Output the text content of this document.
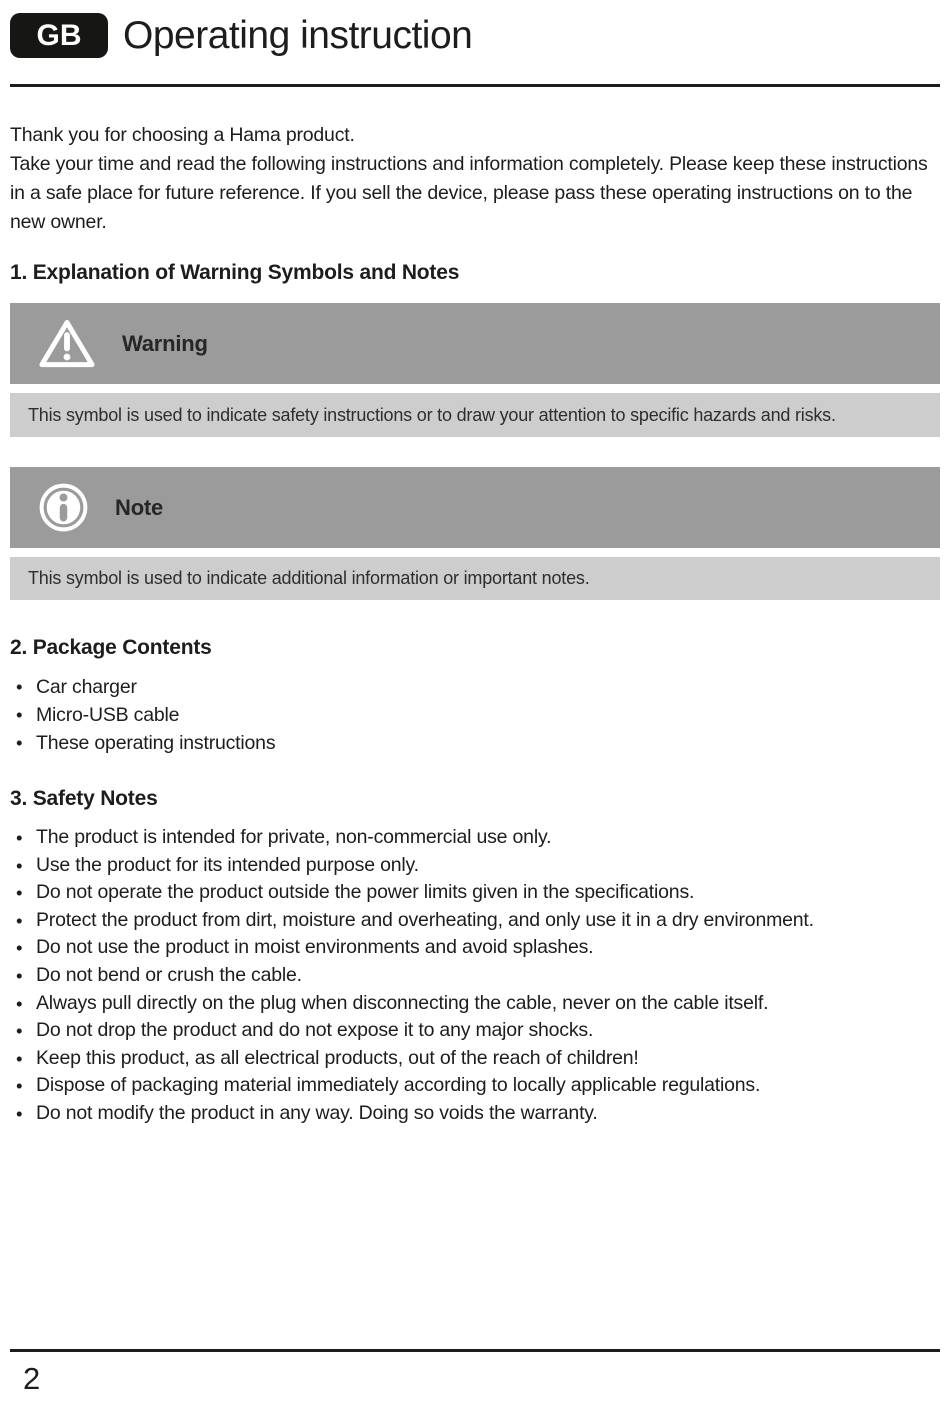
GB	Operating instruction

Thank you for choosing a Hama product.
Take your time and read the following instructions and information completely. Please keep these instructions in a safe place for future reference. If you sell the device, please pass these operating instructions on to the new owner.

1. Explanation of Warning Symbols and Notes
Warning
This symbol is used to indicate safety instructions or to draw your attention to specific hazards and risks.
Note
This symbol is used to indicate additional information or important notes.
2. Package Contents
• Car charger
• Micro-USB cable
• These operating instructions
3. Safety Notes
• The product is intended for private, non-commercial use only.
• Use the product for its intended purpose only.
• Do not operate the product outside the power limits given in the specifications.
• Protect the product from dirt, moisture and overheating, and only use it in a dry environment.
• Do not use the product in moist environments and avoid splashes.
• Do not bend or crush the cable.
• Always pull directly on the plug when disconnecting the cable, never on the cable itself.
• Do not drop the product and do not expose it to any major shocks.
• Keep this product, as all electrical products, out of the reach of children!
• Dispose of packaging material immediately according to locally applicable regulations.
• Do not modify the product in any way. Doing so voids the warranty.
2
